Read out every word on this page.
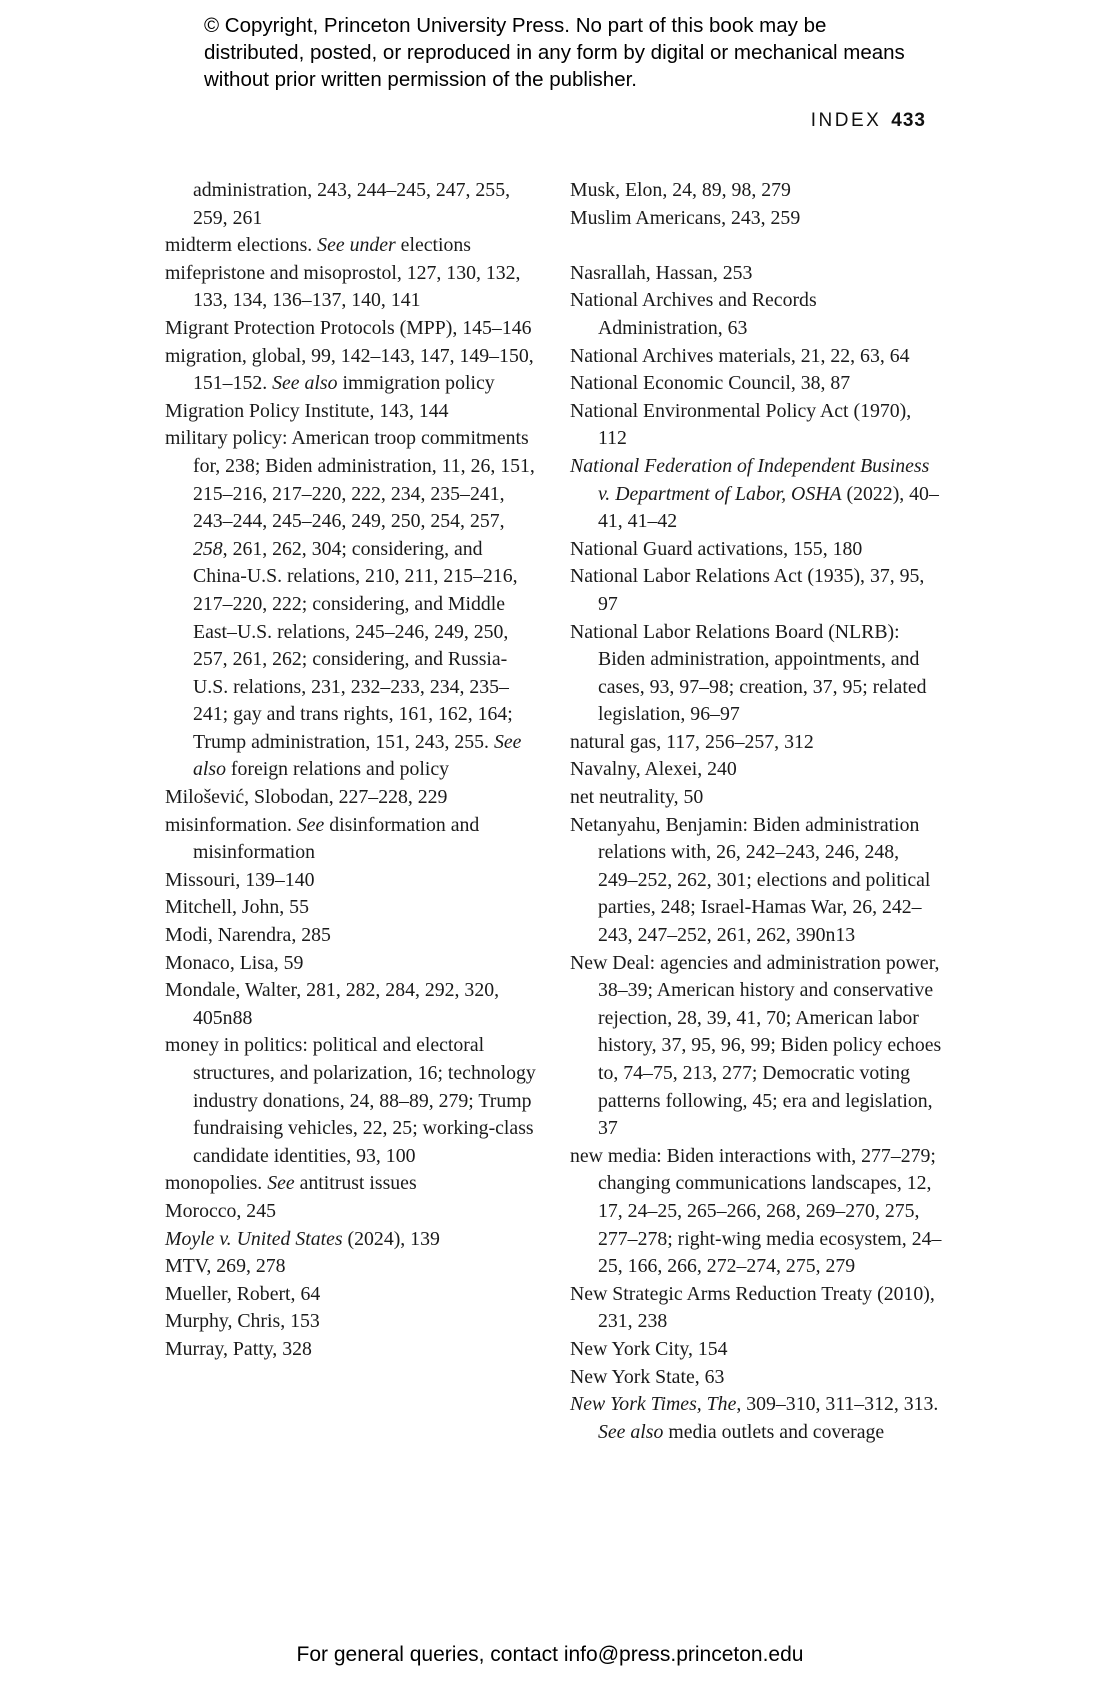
© Copyright, Princeton University Press. No part of this book may be distributed, posted, or reproduced in any form by digital or mechanical means without prior written permission of the publisher.
INDEX 433

administration, 243, 244–245, 247, 255, 259, 261

midterm elections. See under elections

mifepristone and misoprostol, 127, 130, 132, 133, 134, 136–137, 140, 141

Migrant Protection Protocols (MPP), 145–146

migration, global, 99, 142–143, 147, 149–150, 151–152. See also immigration policy

Migration Policy Institute, 143, 144

military policy: American troop commitments for, 238; Biden administration, 11, 26, 151, 215–216, 217–220, 222, 234, 235–241, 243–244, 245–246, 249, 250, 254, 257, 258, 261, 262, 304; considering, and China-U.S. relations, 210, 211, 215–216, 217–220, 222; considering, and Middle East–U.S. relations, 245–246, 249, 250, 257, 261, 262; considering, and Russia-U.S. relations, 231, 232–233, 234, 235–241; gay and trans rights, 161, 162, 164; Trump administration, 151, 243, 255. See also foreign relations and policy

Milošević, Slobodan, 227–228, 229

misinformation. See disinformation and misinformation

Missouri, 139–140

Mitchell, John, 55

Modi, Narendra, 285

Monaco, Lisa, 59

Mondale, Walter, 281, 282, 284, 292, 320, 405n88

money in politics: political and electoral structures, and polarization, 16; technology industry donations, 24, 88–89, 279; Trump fundraising vehicles, 22, 25; working-class candidate identities, 93, 100

monopolies. See antitrust issues

Morocco, 245

Moyle v. United States (2024), 139

MTV, 269, 278

Mueller, Robert, 64

Murphy, Chris, 153

Murray, Patty, 328

Musk, Elon, 24, 89, 98, 279

Muslim Americans, 243, 259

Nasrallah, Hassan, 253

National Archives and Records Administration, 63

National Archives materials, 21, 22, 63, 64

National Economic Council, 38, 87

National Environmental Policy Act (1970), 112

National Federation of Independent Business v. Department of Labor, OSHA (2022), 40–41, 41–42

National Guard activations, 155, 180

National Labor Relations Act (1935), 37, 95, 97

National Labor Relations Board (NLRB): Biden administration, appointments, and cases, 93, 97–98; creation, 37, 95; related legislation, 96–97

natural gas, 117, 256–257, 312

Navalny, Alexei, 240

net neutrality, 50

Netanyahu, Benjamin: Biden administration relations with, 26, 242–243, 246, 248, 249–252, 262, 301; elections and political parties, 248; Israel-Hamas War, 26, 242–243, 247–252, 261, 262, 390n13

New Deal: agencies and administration power, 38–39; American history and conservative rejection, 28, 39, 41, 70; American labor history, 37, 95, 96, 99; Biden policy echoes to, 74–75, 213, 277; Democratic voting patterns following, 45; era and legislation, 37

new media: Biden interactions with, 277–279; changing communications landscapes, 12, 17, 24–25, 265–266, 268, 269–270, 275, 277–278; right-wing media ecosystem, 24–25, 166, 266, 272–274, 275, 279

New Strategic Arms Reduction Treaty (2010), 231, 238

New York City, 154

New York State, 63

New York Times, The, 309–310, 311–312, 313. See also media outlets and coverage

For general queries, contact info@press.princeton.edu
